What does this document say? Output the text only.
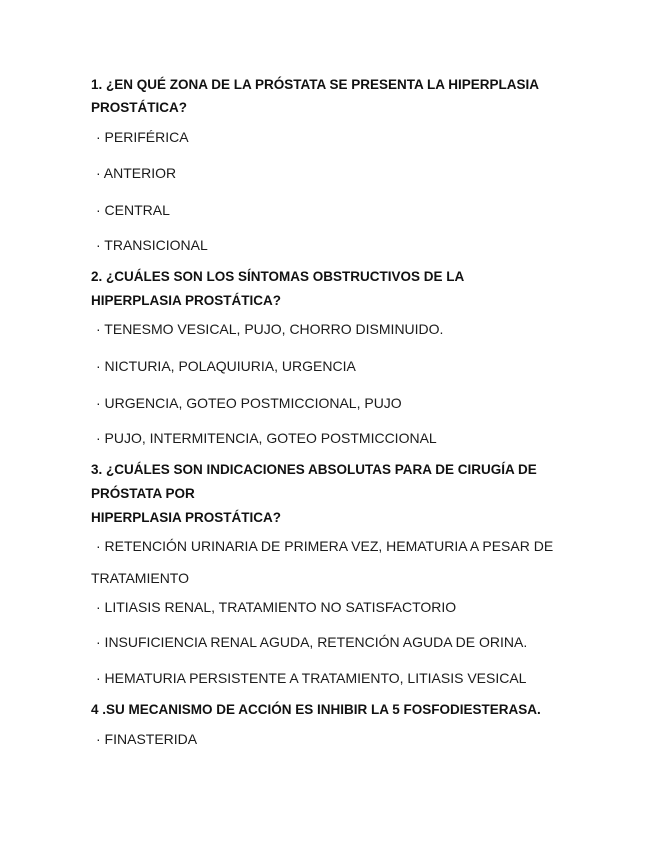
1. ¿EN QUÉ ZONA DE LA PRÓSTATA SE PRESENTA LA HIPERPLASIA
PROSTÁTICA?
· PERIFÉRICA
· ANTERIOR
· CENTRAL
· TRANSICIONAL
2. ¿CUÁLES SON LOS SÍNTOMAS OBSTRUCTIVOS DE LA
HIPERPLASIA PROSTÁTICA?
· TENESMO VESICAL, PUJO, CHORRO DISMINUIDO.
· NICTURIA, POLAQUIURIA, URGENCIA
· URGENCIA, GOTEO POSTMICCIONAL, PUJO
· PUJO, INTERMITENCIA, GOTEO POSTMICCIONAL
3. ¿CUÁLES SON INDICACIONES ABSOLUTAS PARA DE CIRUGÍA DE
PRÓSTATA POR
HIPERPLASIA PROSTÁTICA?
· RETENCIÓN URINARIA DE PRIMERA VEZ, HEMATURIA A PESAR DE
TRATAMIENTO
· LITIASIS RENAL, TRATAMIENTO NO SATISFACTORIO
· INSUFICIENCIA RENAL AGUDA, RETENCIÓN AGUDA DE ORINA.
· HEMATURIA PERSISTENTE A TRATAMIENTO, LITIASIS VESICAL
4 .SU MECANISMO DE ACCIÓN ES INHIBIR LA 5 FOSFODIESTERASA.
· FINASTERIDA
